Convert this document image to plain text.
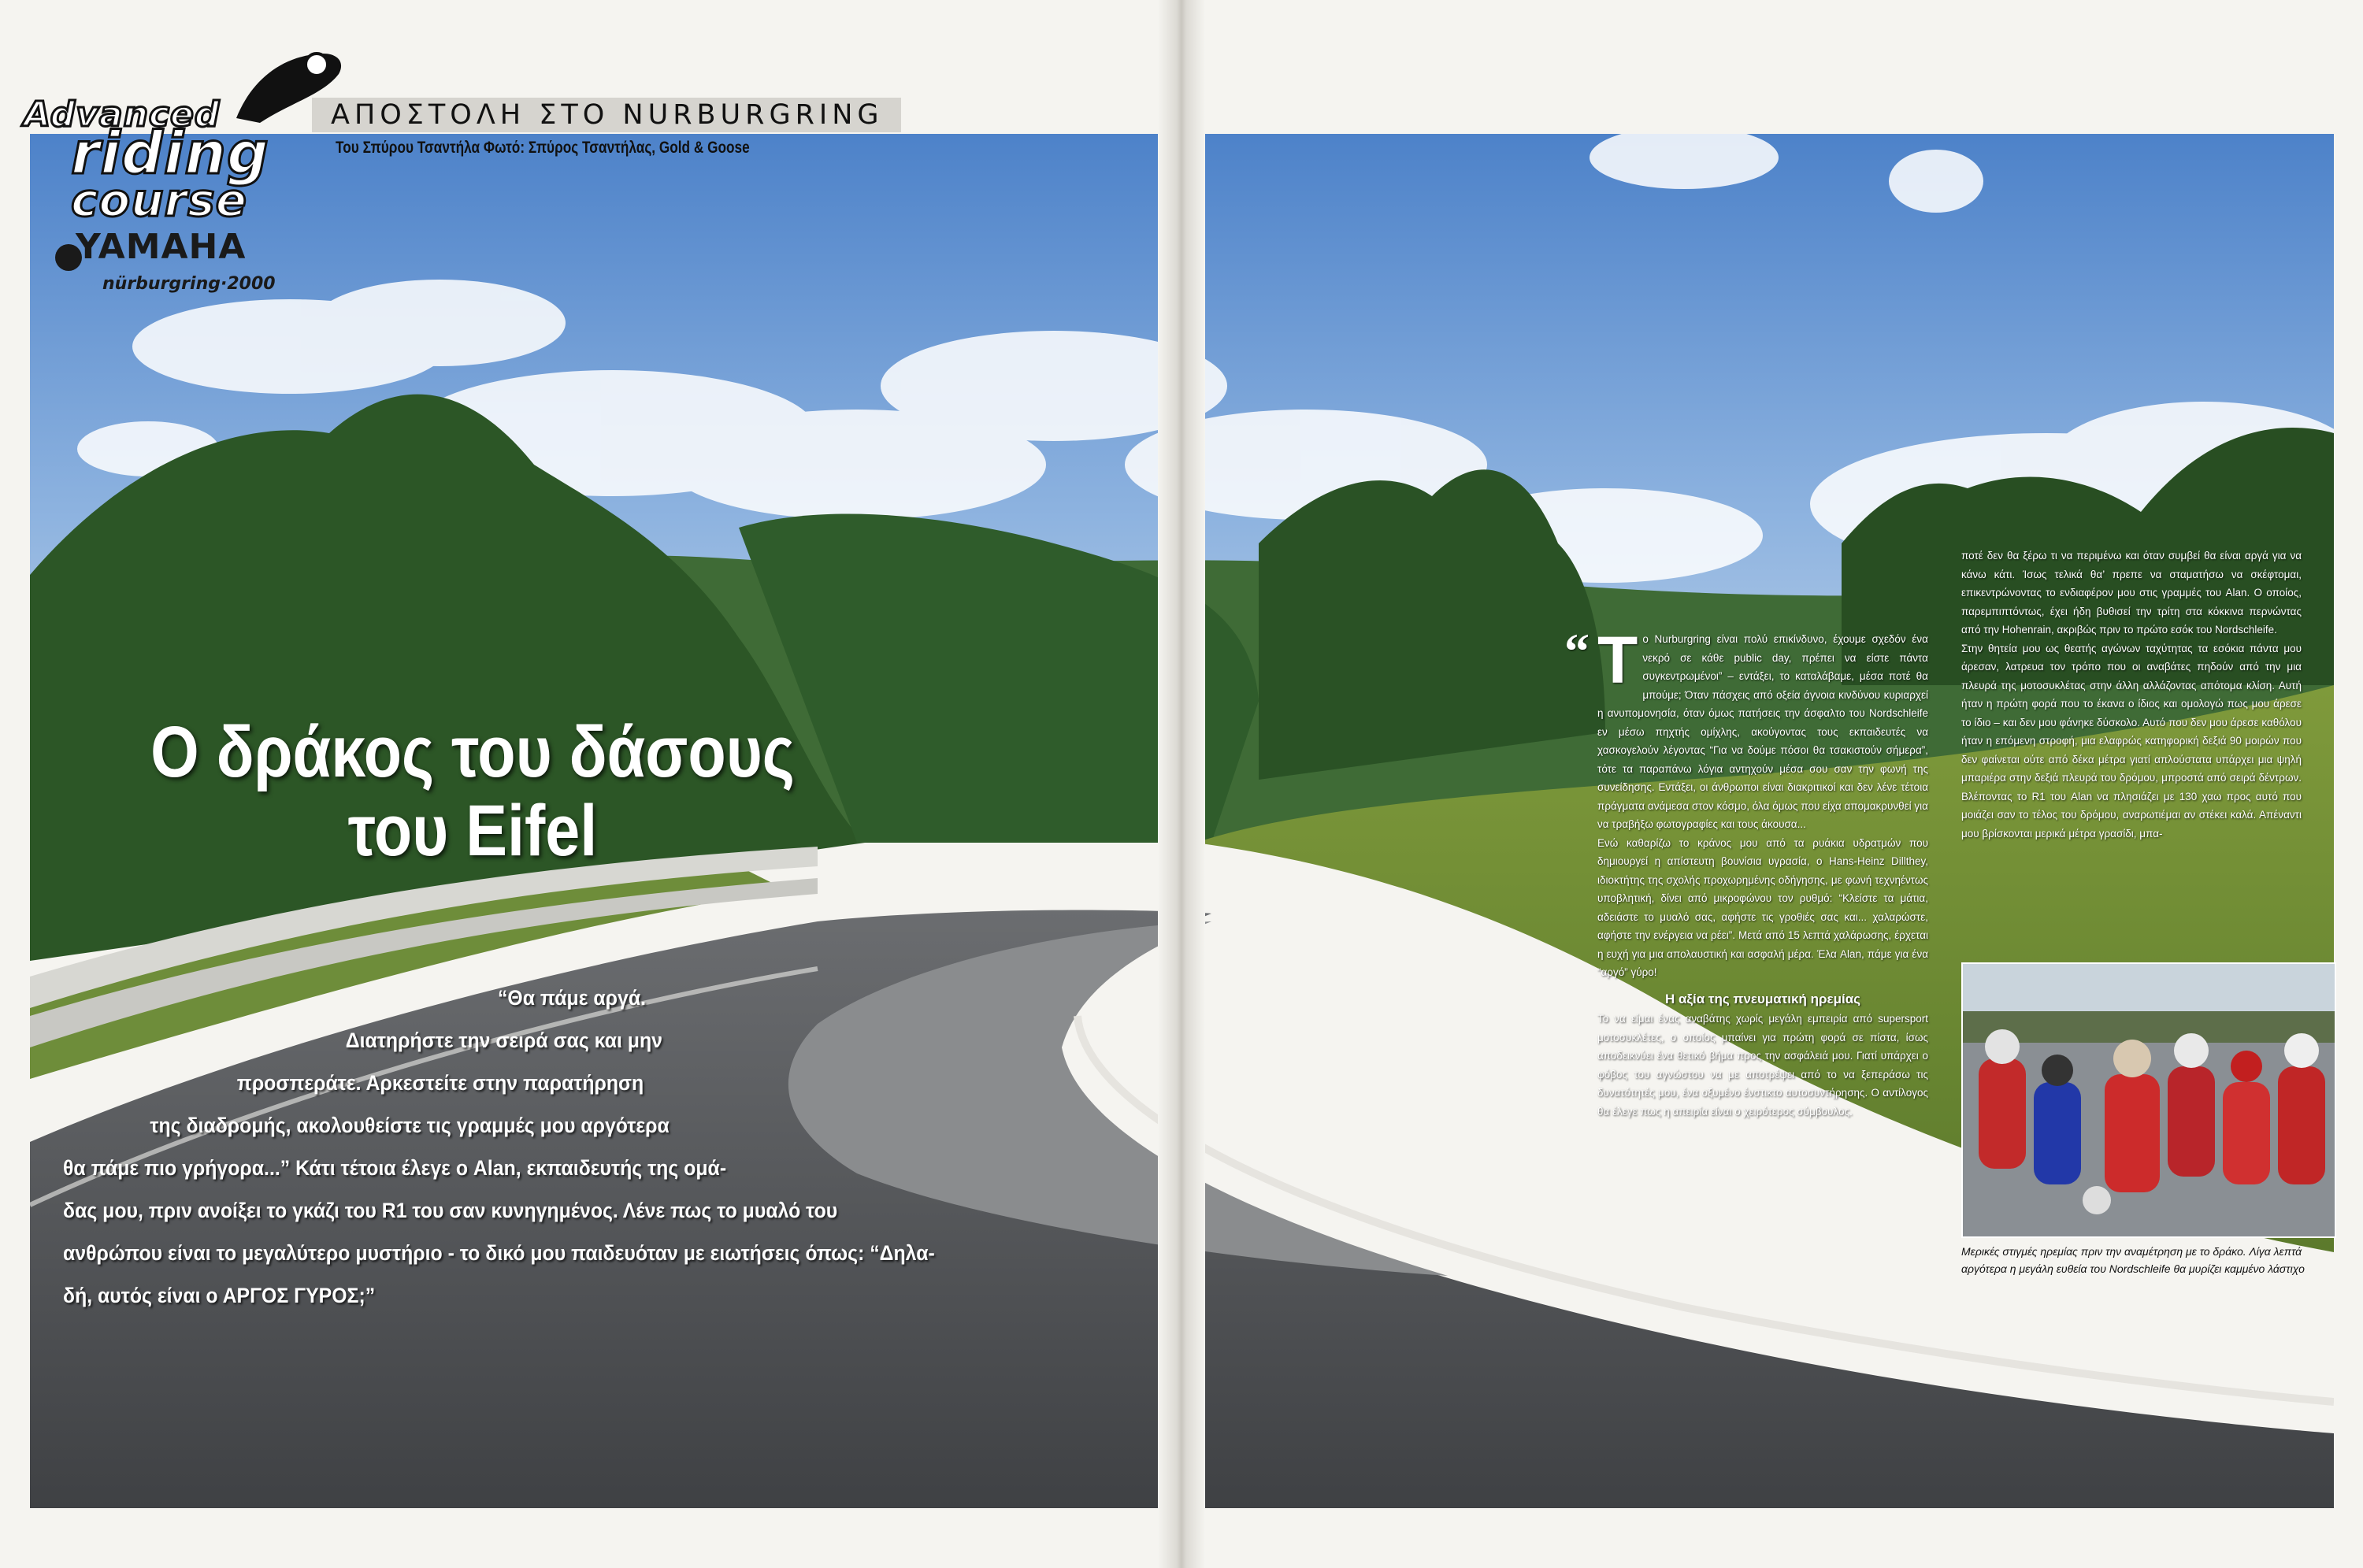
Advanced
riding
course
YAMAHA
nürburgring·2000
ΑΠΟΣΤΟΛΗ ΣΤΟ NURBURGRING
Του Σπύρου Τσαντήλα Φωτό: Σπύρος Τσαντήλας, Gold & Goose
Ο δράκος του δάσους
του Eifel
“Θα πάμε αργά.
Διατηρήστε την σειρά σας και μην
προσπεράτε. Αρκεστείτε στην παρατήρηση
της διαδρομής, ακολουθείστε τις γραμμές μου αργότερα
θα πάμε πιο γρήγορα...” Κάτι τέτοια έλεγε ο Alan, εκπαιδευτής της ομά-
δας μου, πριν ανοίξει το γκάζι του R1 του σαν κυνηγημένος. Λένε πως το μυαλό του
ανθρώπου είναι το μεγαλύτερο μυστήριο - το δικό μου παιδευόταν με ειωτήσεις όπως: “Δηλα-
δή, αυτός είναι ο ΑΡΓΟΣ ΓΥΡΟΣ;”
“ Τ ο Nurburgring είναι πολύ επικίνδυνο, έχουμε σχεδόν ένα νεκρό σε κάθε public day, πρέπει να είστε πάντα συγκεντρωμένοι” – εντάξει, το καταλάβαμε, μέσα ποτέ θα μπούμε; Όταν πάσχεις από οξεία άγνοια κινδύνου κυριαρχεί η ανυπομονησία, όταν όμως πατήσεις την άσφαλτο του Nordschleife εν μέσω πηχτής ομίχλης, ακούγοντας τους εκπαιδευτές να χασκογελούν λέγοντας “Για να δούμε πόσοι θα τσακιστούν σήμερα”, τότε τα παραπάνω λόγια αντηχούν μέσα σου σαν την φωνή της συνείδησης. Εντάξει, οι άνθρωποι είναι διακριτικοί και δεν λένε τέτοια πράγματα ανάμεσα στον κόσμο, όλα όμως που είχα απομακρυνθεί για να τραβήξω φωτογραφίες και τους άκουσα...

Ενώ καθαρίζω το κράνος μου από τα ρυάκια υδρατμών που δημιουργεί η απίστευτη βουνίσια υγρασία, ο Hans-Heinz Dillthey, ιδιοκτήτης της σχολής προχωρημένης οδήγησης, με φωνή τεχνηέντως υποβλητική, δίνει από μικροφώνου τον ρυθμό: “Κλείστε τα μάτια, αδειάστε το μυαλό σας, αφήστε τις γροθιές σας και... χαλαρώστε, αφήστε την ενέργεια να ρέει”. Μετά από 15 λεπτά χαλάρωσης, έρχεται η ευχή για μια απολαυστική και ασφαλή μέρα. Έλα Alan, πάμε για ένα “αργό” γύρο!

Η αξία της πνευματική ηρεμίας

Το να είμαι ένας αναβάτης χωρίς μεγάλη εμπειρία από supersport μοτοσυκλέτες, ο οποίος μπαίνει για πρώτη φορά σε πίστα, ίσως αποδεικνύει ένα θετικό βήμα προς την ασφάλειά μου. Γιατί υπάρχει ο φόβος του αγνώστου να με αποτρέψει από το να ξεπεράσω τις δυνατότητές μου, ένα οξυμένο ένστικτο αυτοσυντήρησης. Ο αντίλογος θα έλεγε πως η απειρία είναι ο χειρότερος σύμβουλος.

ποτέ δεν θα ξέρω τι να περιμένω και όταν συμβεί θα είναι αργά για να κάνω κάτι. Ίσως τελικά θα’ πρεπε να σταματήσω να σκέφτομαι, επικεντρώνοντας το ενδιαφέρον μου στις γραμμές του Alan. Ο οποίος, παρεμπιπτόντως, έχει ήδη βυθισεί την τρίτη στα κόκκινα περνώντας από την Hohenrain, ακριβώς πριν το πρώτο εσόκ του Nordschleife.

Στην θητεία μου ως θεατής αγώνων ταχύτητας τα εσόκια πάντα μου άρεσαν, λατρευα τον τρόπο που οι αναβάτες πηδούν από την μια πλευρά της μοτοσυκλέτας στην άλλη αλλάζοντας απότομα κλίση. Αυτή ήταν η πρώτη φορά που το έκανα ο ίδιος και ομολογώ πως μου άρεσε το ίδιο – και δεν μου φάνηκε δύσκολο. Αυτό που δεν μου άρεσε καθόλου ήταν η επόμενη στροφή, μια ελαφρώς κατηφορική δεξιά 90 μοιρών που δεν φαίνεται ούτε από δέκα μέτρα γιατί απλούστατα υπάρχει μια ψηλή μπαριέρα στην δεξιά πλευρά του δρόμου, μπροστά από σειρά δέντρων. Βλέποντας το R1 του Alan να πλησιάζει με 130 χαω προς αυτό που μοιάζει σαν το τέλος του δρόμου, αναρωτιέμαι αν στέκει καλά. Απέναντι μου βρίσκονται μερικά μέτρα γρασίδι, μπα-

Μερικές στιγμές ηρεμίας πριν την αναμέτρηση με το δράκο. Λίγα λεπτά αργότερα η μεγάλη ευθεία του Nordschleife θα μυρίζει καμμένο λάστιχο
